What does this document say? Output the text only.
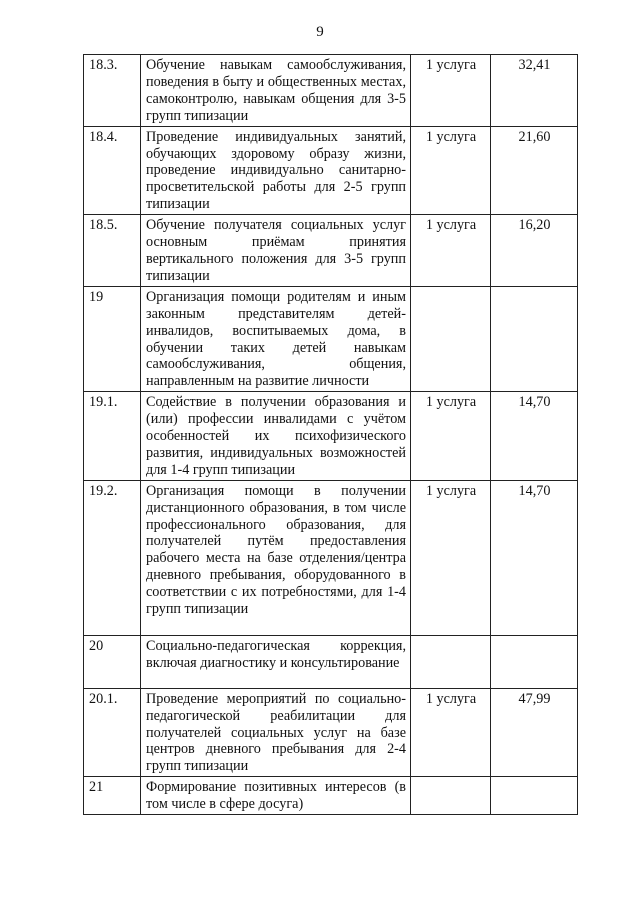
9
18.3.	Обучение навыкам самообслуживания, поведения в быту и общественных местах, самоконтролю, навыкам общения для 3-5 групп типизации	1 услуга	32,41
18.4.	Проведение индивидуальных занятий, обучающих здоровому образу жизни, проведение индивидуально санитарно-просветительской работы для 2-5 групп типизации	1 услуга	21,60
18.5.	Обучение получателя социальных услуг основным приёмам принятия вертикального положения для 3-5 групп типизации	1 услуга	16,20
19	Организация помощи родителям и иным законным представителям детей-инвалидов, воспитываемых дома, в обучении таких детей навыкам самообслуживания, общения, направленным на развитие личности		
19.1.	Содействие в получении образования и (или) профессии инвалидами с учётом особенностей их психофизического развития, индивидуальных возможностей для 1-4 групп типизации	1 услуга	14,70
19.2.	Организация помощи в получении дистанционного образования, в том числе профессионального образования, для получателей путём предоставления рабочего места на базе отделения/центра дневного пребывания, оборудованного в соответствии с их потребностями, для 1-4 групп типизации	1 услуга	14,70
20	Социально-педагогическая коррекция, включая диагностику и консультирование		
20.1.	Проведение мероприятий по социально-педагогической реабилитации для получателей социальных услуг на базе центров дневного пребывания для 2-4 групп типизации	1 услуга	47,99
21	Формирование позитивных интересов (в том числе в сфере досуга)		
